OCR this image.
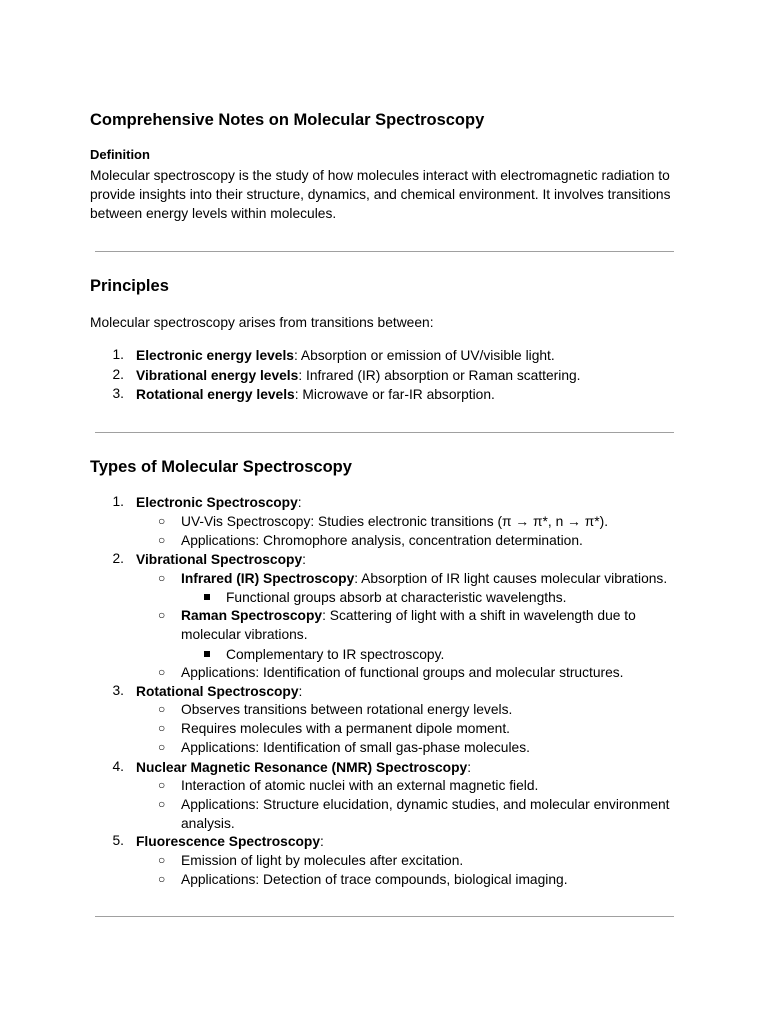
Comprehensive Notes on Molecular Spectroscopy
Definition
Molecular spectroscopy is the study of how molecules interact with electromagnetic radiation to provide insights into their structure, dynamics, and chemical environment. It involves transitions between energy levels within molecules.
Principles
Molecular spectroscopy arises from transitions between:
1. Electronic energy levels: Absorption or emission of UV/visible light.
2. Vibrational energy levels: Infrared (IR) absorption or Raman scattering.
3. Rotational energy levels: Microwave or far-IR absorption.
Types of Molecular Spectroscopy
1. Electronic Spectroscopy:
○ UV-Vis Spectroscopy: Studies electronic transitions (π → π*, n → π*).
○ Applications: Chromophore analysis, concentration determination.
2. Vibrational Spectroscopy:
○ Infrared (IR) Spectroscopy: Absorption of IR light causes molecular vibrations.
Functional groups absorb at characteristic wavelengths.
○ Raman Spectroscopy: Scattering of light with a shift in wavelength due to
molecular vibrations.
Complementary to IR spectroscopy.
○ Applications: Identification of functional groups and molecular structures.
3. Rotational Spectroscopy:
○ Observes transitions between rotational energy levels.
○ Requires molecules with a permanent dipole moment.
○ Applications: Identification of small gas-phase molecules.
4. Nuclear Magnetic Resonance (NMR) Spectroscopy:
○ Interaction of atomic nuclei with an external magnetic field.
○ Applications: Structure elucidation, dynamic studies, and molecular environment
analysis.
5. Fluorescence Spectroscopy:
○ Emission of light by molecules after excitation.
○ Applications: Detection of trace compounds, biological imaging.
